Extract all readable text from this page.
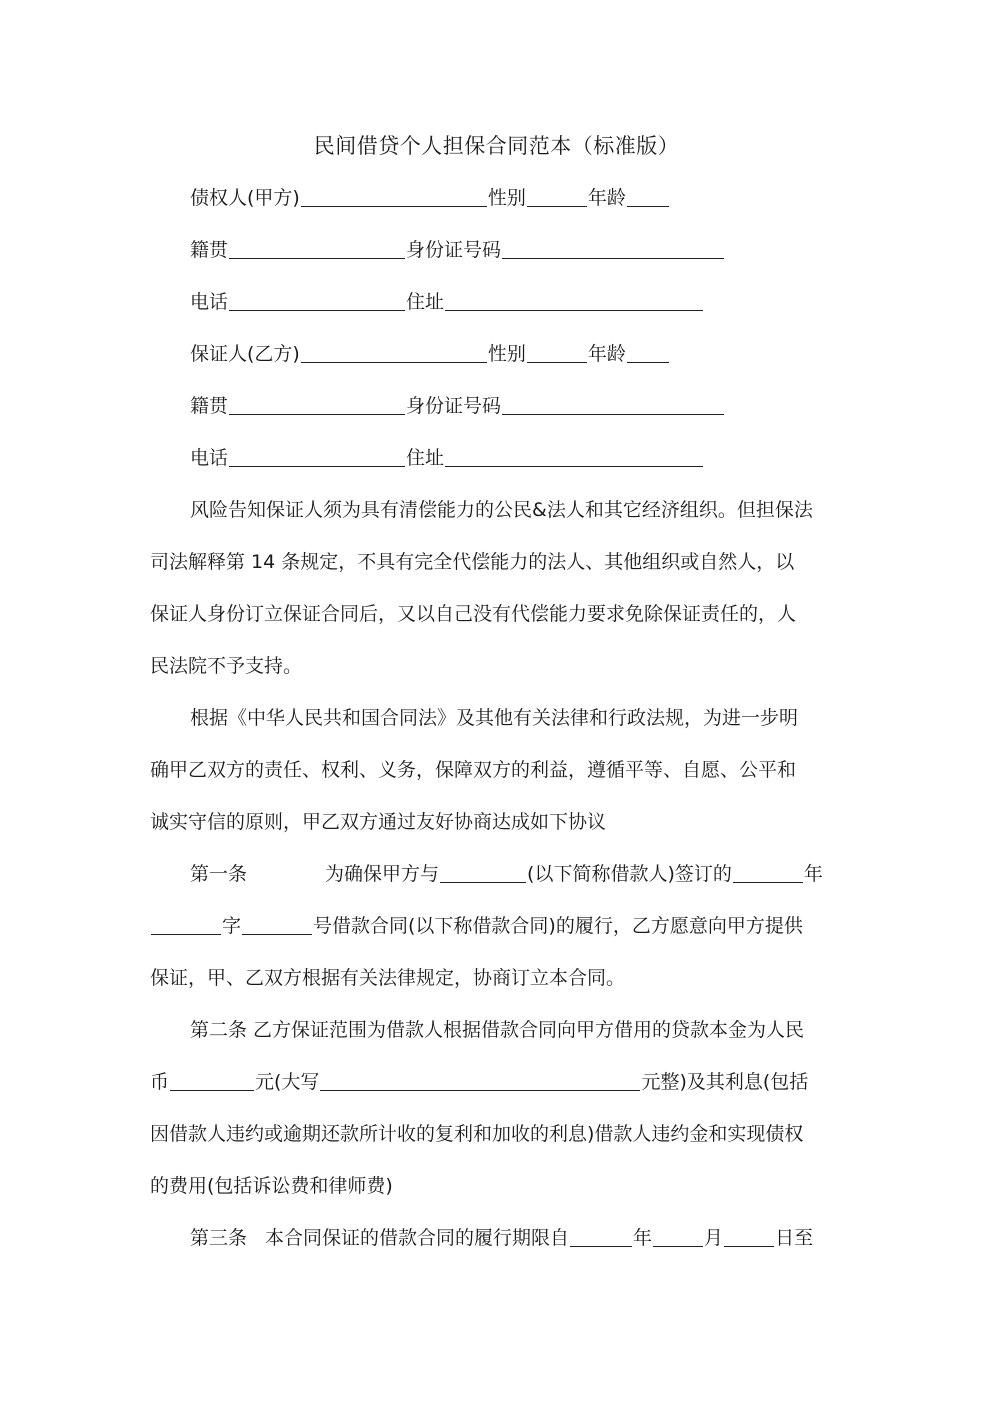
民间借贷个人担保合同范本（标准版）
债权人(甲方)	性别	年龄
籍贯	身份证号码
电话	住址
保证人(乙方)	性别	年龄
籍贯	身份证号码
电话	住址
风险告知保证人须为具有清偿能力的公民&法人和其它经济组织。但担保法
司法解释第 14 条规定，不具有完全代偿能力的法人、其他组织或自然人，以
保证人身份订立保证合同后，又以自己没有代偿能力要求免除保证责任的，人
民法院不予支持。
根据《中华人民共和国合同法》及其他有关法律和行政法规，为进一步明
确甲乙双方的责任、权利、义务，保障双方的利益，遵循平等、自愿、公平和
诚实守信的原则，甲乙双方通过友好协商达成如下协议
第一条	为确保甲方与	(以下简称借款人)签订的	年
字	号借款合同(以下称借款合同)的履行，乙方愿意向甲方提供
保证，甲、乙双方根据有关法律规定，协商订立本合同。
第二条 乙方保证范围为借款人根据借款合同向甲方借用的贷款本金为人民
币	元(大写	元整)及其利息(包括
因借款人违约或逾期还款所计收的复利和加收的利息)借款人违约金和实现债权
的费用(包括诉讼费和律师费)
第三条 本合同保证的借款合同的履行期限自	年	月	日至
